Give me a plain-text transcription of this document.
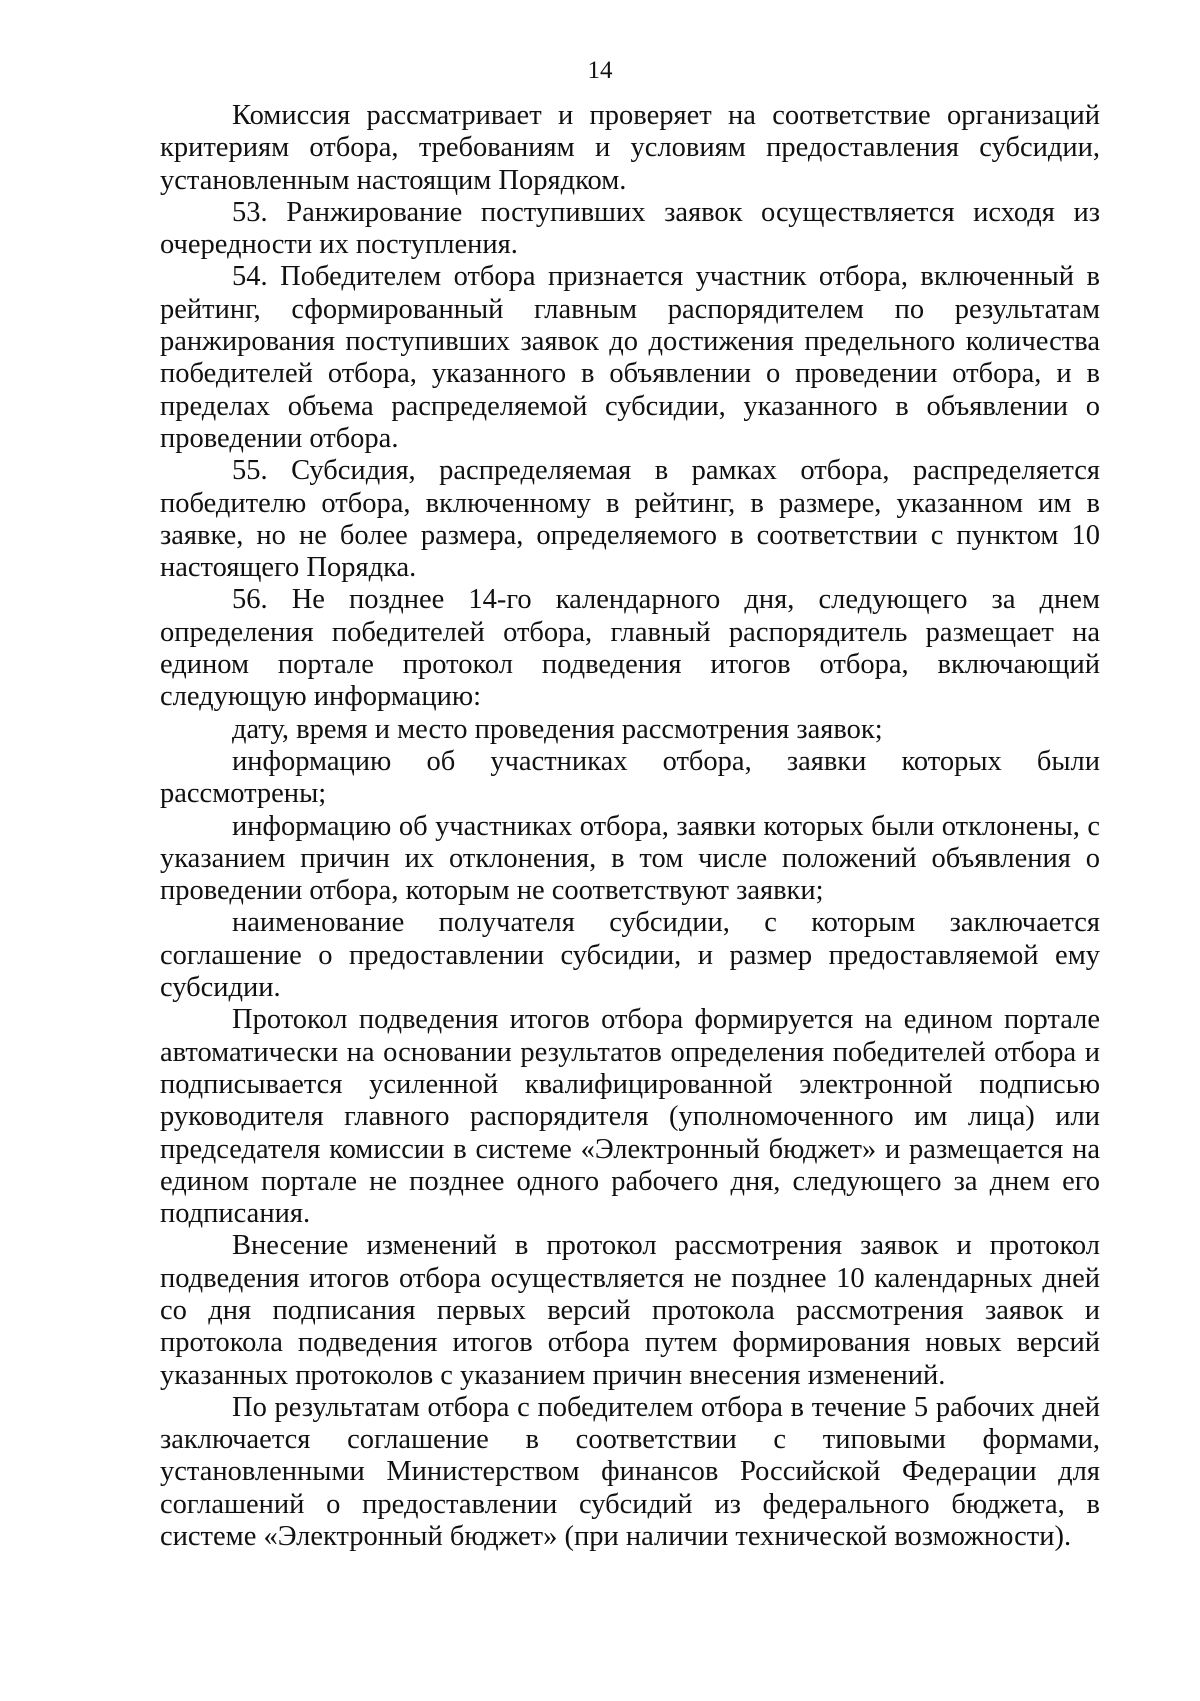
14

Комиссия рассматривает и проверяет на соответствие организаций критериям отбора, требованиям и условиям предоставления субсидии, установленным настоящим Порядком.

53. Ранжирование поступивших заявок осуществляется исходя из очередности их поступления.

54. Победителем отбора признается участник отбора, включенный в рейтинг, сформированный главным распорядителем по результатам ранжирования поступивших заявок до достижения предельного количества победителей отбора, указанного в объявлении о проведении отбора, и в пределах объема распределяемой субсидии, указанного в объявлении о проведении отбора.

55. Субсидия, распределяемая в рамках отбора, распределяется победителю отбора, включенному в рейтинг, в размере, указанном им в заявке, но не более размера, определяемого в соответствии с пунктом 10 настоящего Порядка.

56. Не позднее 14-го календарного дня, следующего за днем определения победителей отбора, главный распорядитель размещает на едином портале протокол подведения итогов отбора, включающий следующую информацию:

дату, время и место проведения рассмотрения заявок;

информацию об участниках отбора, заявки которых были рассмотрены;

информацию об участниках отбора, заявки которых были отклонены, с указанием причин их отклонения, в том числе положений объявления о проведении отбора, которым не соответствуют заявки;

наименование получателя субсидии, с которым заключается соглашение о предоставлении субсидии, и размер предоставляемой ему субсидии.

Протокол подведения итогов отбора формируется на едином портале автоматически на основании результатов определения победителей отбора и подписывается усиленной квалифицированной электронной подписью руководителя главного распорядителя (уполномоченного им лица) или председателя комиссии в системе «Электронный бюджет» и размещается на едином портале не позднее одного рабочего дня, следующего за днем его подписания.

Внесение изменений в протокол рассмотрения заявок и протокол подведения итогов отбора осуществляется не позднее 10 календарных дней со дня подписания первых версий протокола рассмотрения заявок и протокола подведения итогов отбора путем формирования новых версий указанных протоколов с указанием причин внесения изменений.

По результатам отбора с победителем отбора в течение 5 рабочих дней заключается соглашение в соответствии с типовыми формами, установленными Министерством финансов Российской Федерации для соглашений о предоставлении субсидий из федерального бюджета, в системе «Электронный бюджет» (при наличии технической возможности).
